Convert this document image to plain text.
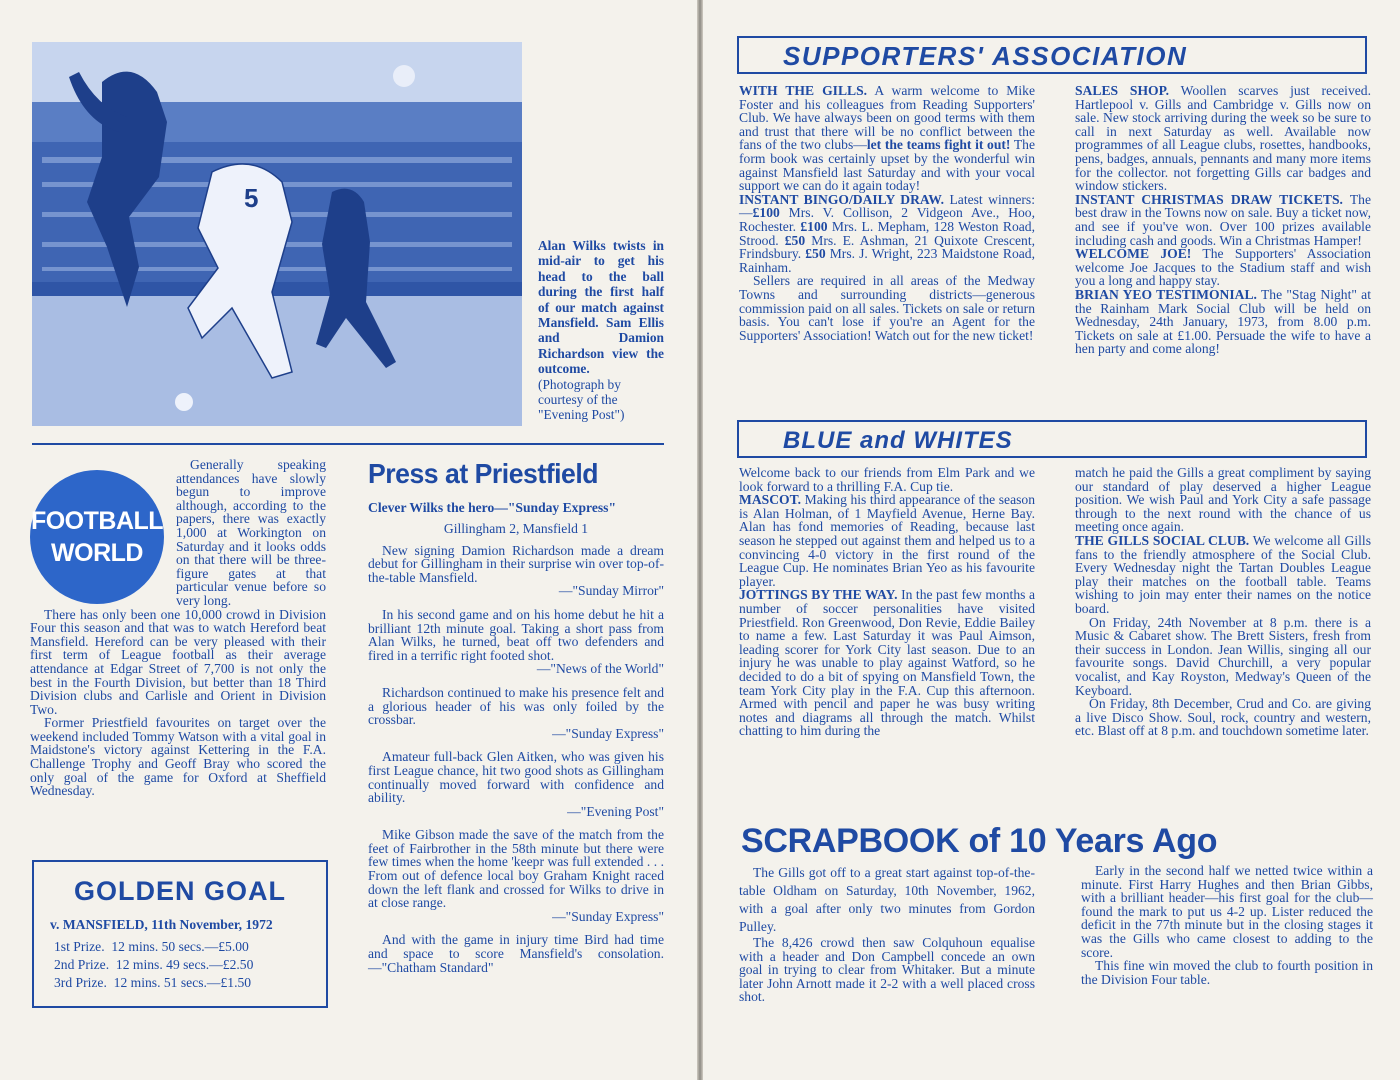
5

Alan Wilks twists in mid-air to get his head to the ball during the first half of our match against Mansfield. Sam Ellis and Damion Richardson view the outcome.

(Photograph by courtesy of the "Evening Post")

FOOTBALL
WORLD

Generally speaking attendances have slowly begun to improve although, according to the papers, there was exactly 1,000 at Workington on Saturday and it looks odds on that there will be three-figure gates at that particular venue before so very long.

There has only been one 10,000 crowd in Division Four this season and that was to watch Hereford beat Mansfield. Hereford can be very pleased with their first term of League football as their average attendance at Edgar Street of 7,700 is not only the best in the Fourth Division, but better than 18 Third Division clubs and Carlisle and Orient in Division Two.

Former Priestfield favourites on target over the weekend included Tommy Watson with a vital goal in Maidstone's victory against Kettering in the F.A. Challenge Trophy and Geoff Bray who scored the only goal of the game for Oxford at Sheffield Wednesday.

GOLDEN GOAL

v. MANSFIELD, 11th November, 1972

1st Prize.  12 mins. 50 secs.—£5.00
2nd Prize.  12 mins. 49 secs.—£2.50
3rd Prize.  12 mins. 51 secs.—£1.50
Press at Priestfield

Clever Wilks the hero—"Sunday Express"

Gillingham 2, Mansfield 1

New signing Damion Richardson made a dream debut for Gillingham in their surprise win over top-of-the-table Mansfield.

—"Sunday Mirror"

In his second game and on his home debut he hit a brilliant 12th minute goal. Taking a short pass from Alan Wilks, he turned, beat off two defenders and fired in a terrific right footed shot.

—"News of the World"

Richardson continued to make his presence felt and a glorious header of his was only foiled by the crossbar.

—"Sunday Express"

Amateur full-back Glen Aitken, who was given his first League chance, hit two good shots as Gillingham continually moved forward with confidence and ability.

—"Evening Post"

Mike Gibson made the save of the match from the feet of Fairbrother in the 58th minute but there were few times when the home 'keepr was full extended . . . From out of defence local boy Graham Knight raced down the left flank and crossed for Wilks to drive in at close range.

—"Sunday Express"

And with the game in injury time Bird had time and space to score Mansfield's consolation.—"Chatham Standard"

SUPPORTERS' ASSOCIATION

WITH THE GILLS. A warm welcome to Mike Foster and his colleagues from Reading Supporters' Club. We have always been on good terms with them and trust that there will be no conflict between the fans of the two clubs—let the teams fight it out! The form book was certainly upset by the wonderful win against Mansfield last Saturday and with your vocal support we can do it again today!

INSTANT BINGO/DAILY DRAW. Latest winners:—£100 Mrs. V. Collison, 2 Vidgeon Ave., Hoo, Rochester. £100 Mrs. L. Mepham, 128 Weston Road, Strood. £50 Mrs. E. Ashman, 21 Quixote Crescent, Frindsbury. £50 Mrs. J. Wright, 223 Maidstone Road, Rainham.

Sellers are required in all areas of the Medway Towns and surrounding districts—generous commission paid on all sales. Tickets on sale or return basis. You can't lose if you're an Agent for the Supporters' Association! Watch out for the new ticket!

SALES SHOP. Woollen scarves just received. Hartlepool v. Gills and Cambridge v. Gills now on sale. New stock arriving during the week so be sure to call in next Saturday as well. Available now programmes of all League clubs, rosettes, handbooks, pens, badges, annuals, pennants and many more items for the collector. not forgetting Gills car badges and window stickers.

INSTANT CHRISTMAS DRAW TICKETS. The best draw in the Towns now on sale. Buy a ticket now, and see if you've won. Over 100 prizes available including cash and goods. Win a Christmas Hamper!

WELCOME JOE! The Supporters' Association welcome Joe Jacques to the Stadium staff and wish you a long and happy stay.

BRIAN YEO TESTIMONIAL. The "Stag Night" at the Rainham Mark Social Club will be held on Wednesday, 24th January, 1973, from 8.00 p.m. Tickets on sale at £1.00. Persuade the wife to have a hen party and come along!

BLUE and WHITES

Welcome back to our friends from Elm Park and we look forward to a thrilling F.A. Cup tie.

MASCOT. Making his third appearance of the season is Alan Holman, of 1 Mayfield Avenue, Herne Bay. Alan has fond memories of Reading, because last season he stepped out against them and helped us to a convincing 4-0 victory in the first round of the League Cup. He nominates Brian Yeo as his favourite player.

JOTTINGS BY THE WAY. In the past few months a number of soccer personalities have visited Priestfield. Ron Greenwood, Don Revie, Eddie Bailey to name a few. Last Saturday it was Paul Aimson, leading scorer for York City last season. Due to an injury he was unable to play against Watford, so he decided to do a bit of spying on Mansfield Town, the team York City play in the F.A. Cup this afternoon. Armed with pencil and paper he was busy writing notes and diagrams all through the match. Whilst chatting to him during the

match he paid the Gills a great compliment by saying our standard of play deserved a higher League position. We wish Paul and York City a safe passage through to the next round with the chance of us meeting once again.

THE GILLS SOCIAL CLUB. We welcome all Gills fans to the friendly atmosphere of the Social Club. Every Wednesday night the Tartan Doubles League play their matches on the football table. Teams wishing to join may enter their names on the notice board.

On Friday, 24th November at 8 p.m. there is a Music & Cabaret show. The Brett Sisters, fresh from their success in London. Jean Willis, singing all our favourite songs. David Churchill, a very popular vocalist, and Kay Royston, Medway's Queen of the Keyboard.

On Friday, 8th December, Crud and Co. are giving a live Disco Show. Soul, rock, country and western, etc. Blast off at 8 p.m. and touchdown sometime later.

SCRAPBOOK of 10 Years Ago

The Gills got off to a great start against top-of-the-table Oldham on Saturday, 10th November, 1962, with a goal after only two minutes from Gordon Pulley.

The 8,426 crowd then saw Colquhoun equalise with a header and Don Campbell concede an own goal in trying to clear from Whitaker. But a minute later John Arnott made it 2-2 with a well placed cross shot.

Early in the second half we netted twice within a minute. First Harry Hughes and then Brian Gibbs, with a brilliant header—his first goal for the club—found the mark to put us 4-2 up. Lister reduced the deficit in the 77th minute but in the closing stages it was the Gills who came closest to adding to the score.

This fine win moved the club to fourth position in the Division Four table.
